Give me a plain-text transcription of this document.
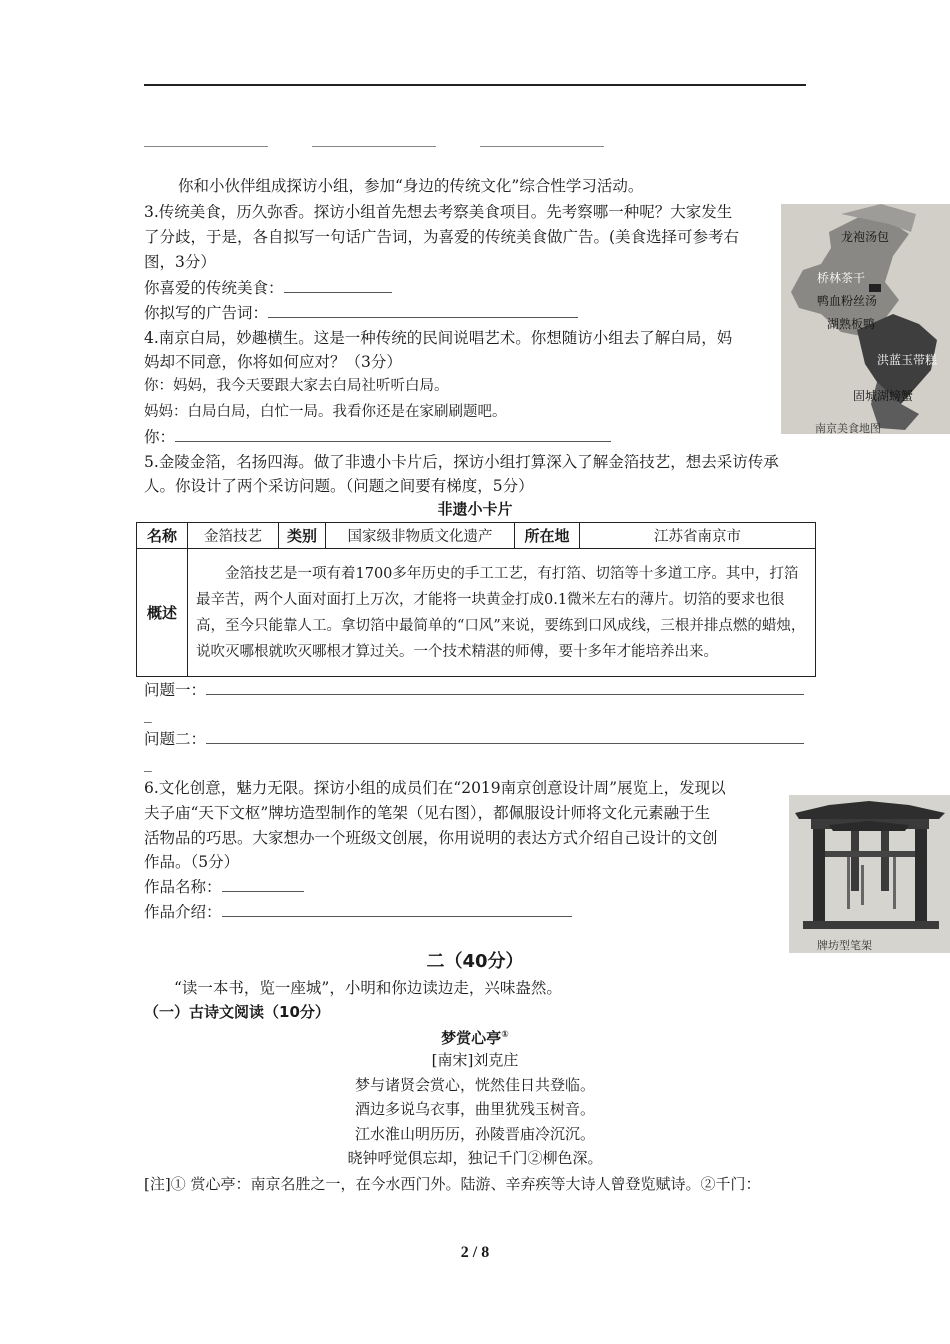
你和小伙伴组成探访小组，参加“身边的传统文化”综合性学习活动。
3.传统美食，历久弥香。探访小组首先想去考察美食项目。先考察哪一种呢？大家发生
了分歧，于是，各自拟写一句话广告词，为喜爱的传统美食做广告。(美食选择可参考右
图，3分）
你喜爱的传统美食：
你拟写的广告词：
龙袍汤包
桥林茶干
鸭血粉丝汤
湖熟板鸭
洪蓝玉带糕
固城湖螃蟹
南京美食地图
4.南京白局，妙趣横生。这是一种传统的民间说唱艺术。你想随访小组去了解白局，妈
妈却不同意，你将如何应对？（3分）
你：妈妈，我今天要跟大家去白局社听听白局。
妈妈：白局白局，白忙一局。我看你还是在家刷刷题吧。
你：
5.金陵金箔，名扬四海。做了非遗小卡片后，探访小组打算深入了解金箔技艺，想去采访传承
人。你设计了两个采访问题。（问题之间要有梯度，5分）
非遗小卡片
名称	金箔技艺	类别	国家级非物质文化遗产	所在地	江苏省南京市
概述	金箔技艺是一项有着1700多年历史的手工工艺，有打箔、切箔等十多道工序。其中，打箔最辛苦，两个人面对面打上万次，才能将一块黄金打成0.1微米左右的薄片。切箔的要求也很高，至今只能靠人工。拿切箔中最简单的“口风”来说，要练到口风成线，三根并排点燃的蜡烛，说吹灭哪根就吹灭哪根才算过关。一个技术精湛的师傅，要十多年才能培养出来。				
问题一：
_
问题二：
_
6.文化创意，魅力无限。探访小组的成员们在“2019南京创意设计周”展览上，发现以
夫子庙“天下文枢”牌坊造型制作的笔架（见右图），都佩服设计师将文化元素融于生
活物品的巧思。大家想办一个班级文创展，你用说明的表达方式介绍自己设计的文创
作品。（5分）
作品名称：
作品介绍：
牌坊型笔架
二（40分）
“读一本书，览一座城”，小明和你边读边走，兴味盎然。
（一）古诗文阅读（10分）
梦赏心亭①
[南宋]刘克庄
梦与诸贤会赏心，恍然佳日共登临。
酒边多说乌衣事，曲里犹残玉树音。
江水淮山明历历，孙陵晋庙冷沉沉。
晓钟呼觉俱忘却，独记千门②柳色深。
[注]① 赏心亭：南京名胜之一，在今水西门外。陆游、辛弃疾等大诗人曾登览赋诗。②千门：
2 / 8
